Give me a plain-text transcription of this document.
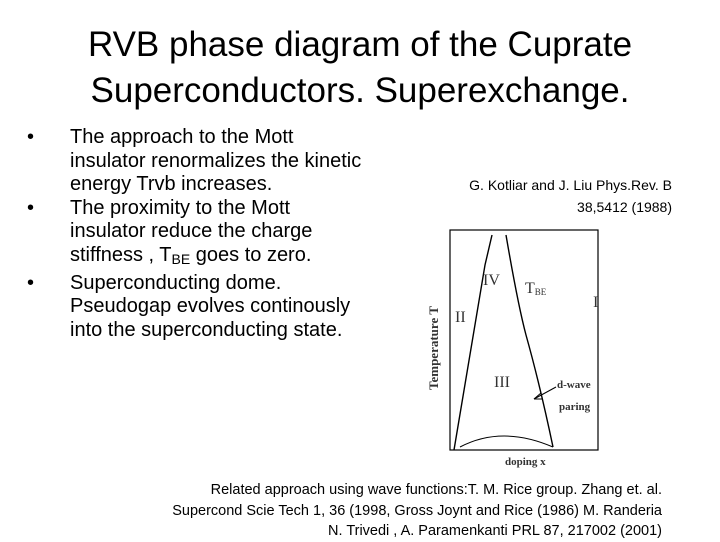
RVB phase diagram of the Cuprate
Superconductors. Superexchange.
•	The approach to the Mott insulator renormalizes the kinetic energy Trvb increases.
•	The proximity to the Mott insulator reduce the charge stiffness , $T_{BE}$ goes to zero.
•	Superconducting dome. Pseudogap evolves continously into the superconducting state.
G. Kotliar and J. Liu Phys.Rev. B
38,5412 (1988)
Temperature T
doping x
IV TBE
I
II
III	d-wave
paring
Related approach using wave functions:T. M. Rice group. Zhang et. al.
Supercond Scie Tech 1, 36 (1998, Gross Joynt and Rice (1986) M. Randeria
N. Trivedi , A. Paramenkanti PRL 87, 217002 (2001)
